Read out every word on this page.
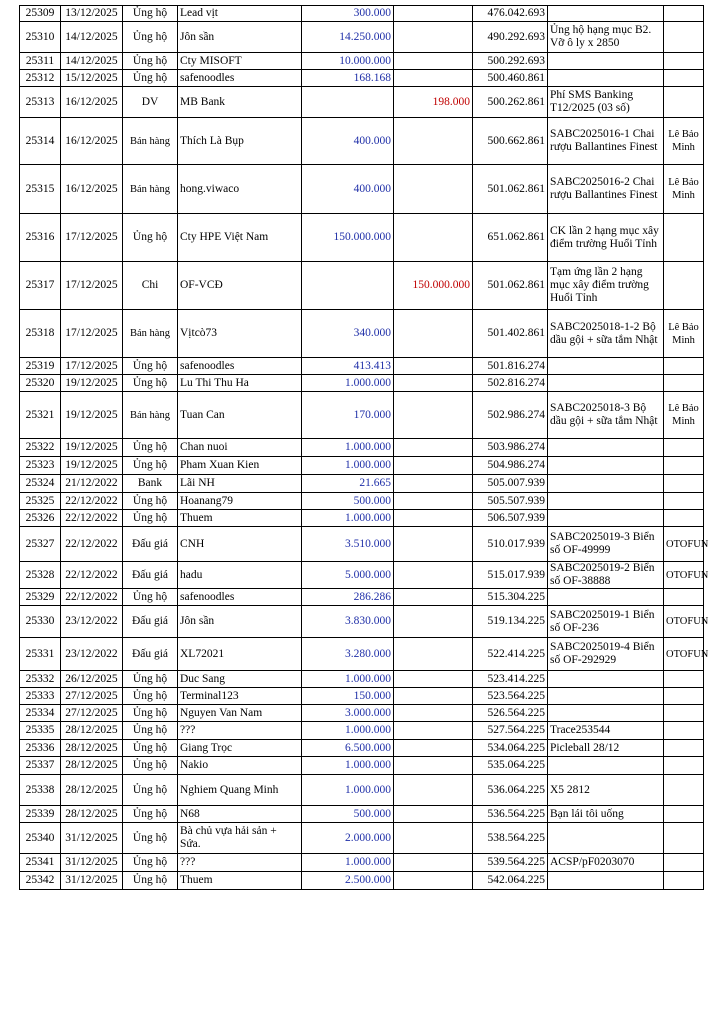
25309	13/12/2025	Ủng hộ	Lead vịt	300.000		476.042.693		
25310	14/12/2025	Ủng hộ	Jôn sần	14.250.000		490.292.693	Ủng hộ hạng mục B2. Vỡ ô ly x 2850	
25311	14/12/2025	Ủng hộ	Cty MISOFT	10.000.000		500.292.693		
25312	15/12/2025	Ủng hộ	safenoodles	168.168		500.460.861		
25313	16/12/2025	DV	MB Bank		198.000	500.262.861	Phí SMS Banking T12/2025 (03 số)	
25314	16/12/2025	Bán hàng	Thích Là Bụp	400.000		500.662.861	SABC2025016-1 Chai rượu Ballantines Finest	Lê Bảo Minh
25315	16/12/2025	Bán hàng	hong.viwaco	400.000		501.062.861	SABC2025016-2 Chai rượu Ballantines Finest	Lê Bảo Minh
25316	17/12/2025	Ủng hộ	Cty HPE Việt Nam	150.000.000		651.062.861	CK lần 2 hạng mục xây điểm trường Huổi Tỉnh	
25317	17/12/2025	Chi	OF-VCĐ		150.000.000	501.062.861	Tạm ứng lần 2 hạng mục xây điểm trường Huổi Tỉnh	
25318	17/12/2025	Bán hàng	Vịtcò73	340.000		501.402.861	SABC2025018-1-2 Bộ dầu gội + sữa tắm Nhật	Lê Bảo Minh
25319	17/12/2025	Ủng hộ	safenoodles	413.413		501.816.274		
25320	19/12/2025	Ủng hộ	Lu Thi Thu Ha	1.000.000		502.816.274		
25321	19/12/2025	Bán hàng	Tuan Can	170.000		502.986.274	SABC2025018-3 Bộ dầu gội + sữa tắm Nhật	Lê Bảo Minh
25322	19/12/2025	Ủng hộ	Chan nuoi	1.000.000		503.986.274		
25323	19/12/2025	Ủng hộ	Pham Xuan Kien	1.000.000		504.986.274		
25324	21/12/2022	Bank	Lãi NH	21.665		505.007.939		
25325	22/12/2022	Ủng hộ	Hoanang79	500.000		505.507.939		
25326	22/12/2022	Ủng hộ	Thuem	1.000.000		506.507.939		
25327	22/12/2022	Đấu giá	CNH	3.510.000		510.017.939	SABC2025019-3 Biển số OF-49999	OTOFUN
25328	22/12/2022	Đấu giá	hadu	5.000.000		515.017.939	SABC2025019-2 Biển số OF-38888	OTOFUN
25329	22/12/2022	Ủng hộ	safenoodles	286.286		515.304.225		
25330	23/12/2022	Đấu giá	Jôn sần	3.830.000		519.134.225	SABC2025019-1 Biển số OF-236	OTOFUN
25331	23/12/2022	Đấu giá	XL72021	3.280.000		522.414.225	SABC2025019-4 Biển số OF-292929	OTOFUN
25332	26/12/2025	Ủng hộ	Duc Sang	1.000.000		523.414.225		
25333	27/12/2025	Ủng hộ	Terminal123	150.000		523.564.225		
25334	27/12/2025	Ủng hộ	Nguyen Van Nam	3.000.000		526.564.225		
25335	28/12/2025	Ủng hộ	???	1.000.000		527.564.225	Trace253544	
25336	28/12/2025	Ủng hộ	Giang Trọc	6.500.000		534.064.225	Picleball 28/12	
25337	28/12/2025	Ủng hộ	Nakio	1.000.000		535.064.225		
25338	28/12/2025	Ủng hộ	Nghiem Quang Minh	1.000.000		536.064.225	X5 2812	
25339	28/12/2025	Ủng hộ	N68	500.000		536.564.225	Bạn lái tôi uống	
25340	31/12/2025	Ủng hộ	Bà chủ vựa hải sản + Sứa.	2.000.000		538.564.225		
25341	31/12/2025	Ủng hộ	???	1.000.000		539.564.225	ACSP/pF0203070	
25342	31/12/2025	Ủng hộ	Thuem	2.500.000		542.064.225		
